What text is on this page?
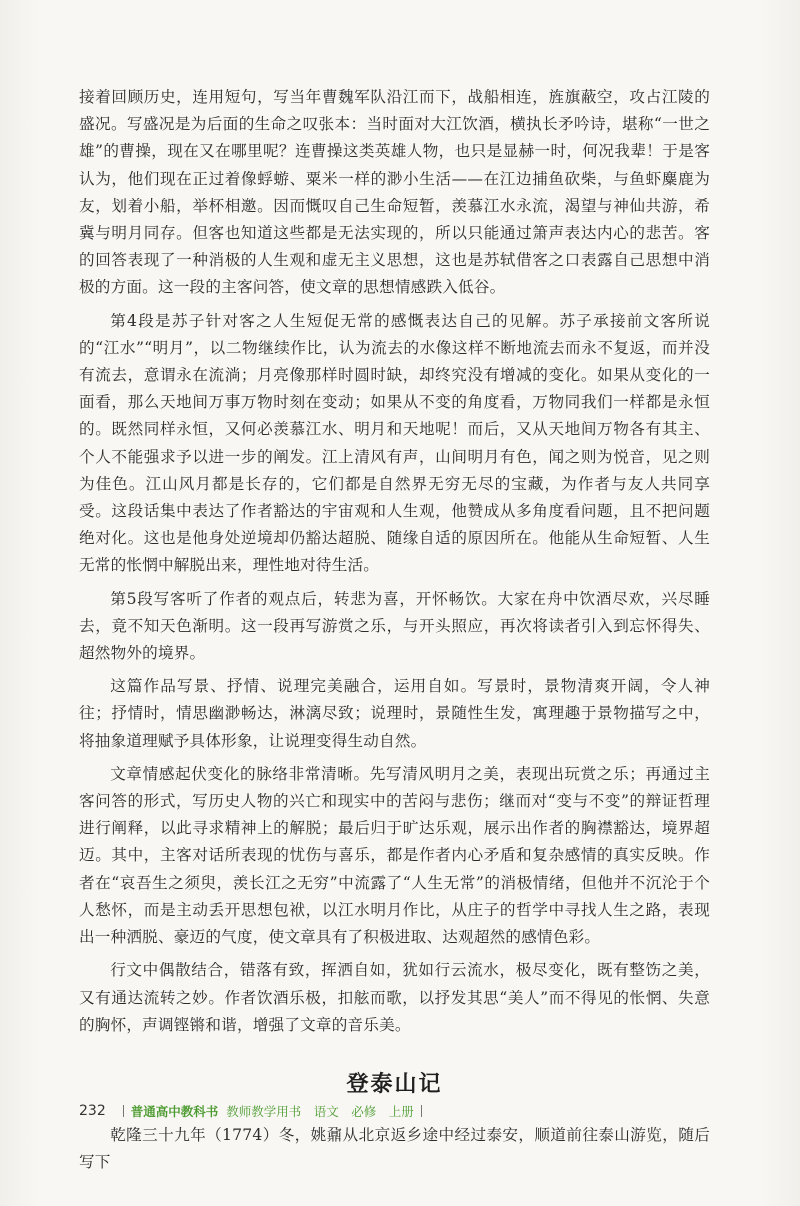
接着回顾历史，连用短句，写当年曹魏军队沿江而下，战船相连，旌旗蔽空，攻占江陵的盛况。写盛况是为后面的生命之叹张本：当时面对大江饮酒，横执长矛吟诗，堪称“一世之雄”的曹操，现在又在哪里呢？连曹操这类英雄人物，也只是显赫一时，何况我辈！于是客认为，他们现在正过着像蜉蝣、粟米一样的渺小生活——在江边捕鱼砍柴，与鱼虾麋鹿为友，划着小船，举杯相邀。因而慨叹自己生命短暂，羡慕江水永流，渴望与神仙共游，希冀与明月同存。但客也知道这些都是无法实现的，所以只能通过箫声表达内心的悲苦。客的回答表现了一种消极的人生观和虚无主义思想，这也是苏轼借客之口表露自己思想中消极的方面。这一段的主客问答，使文章的思想情感跌入低谷。

第4段是苏子针对客之人生短促无常的感慨表达自己的见解。苏子承接前文客所说的“江水”“明月”，以二物继续作比，认为流去的水像这样不断地流去而永不复返，而并没有流去，意谓永在流淌；月亮像那样时圆时缺，却终究没有增减的变化。如果从变化的一面看，那么天地间万事万物时刻在变动；如果从不变的角度看，万物同我们一样都是永恒的。既然同样永恒，又何必羡慕江水、明月和天地呢！而后，又从天地间万物各有其主、个人不能强求予以进一步的阐发。江上清风有声，山间明月有色，闻之则为悦音，见之则为佳色。江山风月都是长存的，它们都是自然界无穷无尽的宝藏，为作者与友人共同享受。这段话集中表达了作者豁达的宇宙观和人生观，他赞成从多角度看问题，且不把问题绝对化。这也是他身处逆境却仍豁达超脱、随缘自适的原因所在。他能从生命短暂、人生无常的怅惘中解脱出来，理性地对待生活。

第5段写客听了作者的观点后，转悲为喜，开怀畅饮。大家在舟中饮酒尽欢，兴尽睡去，竟不知天色渐明。这一段再写游赏之乐，与开头照应，再次将读者引入到忘怀得失、超然物外的境界。

这篇作品写景、抒情、说理完美融合，运用自如。写景时，景物清爽开阔，令人神往；抒情时，情思幽渺畅达，淋漓尽致；说理时，景随性生发，寓理趣于景物描写之中，将抽象道理赋予具体形象，让说理变得生动自然。

文章情感起伏变化的脉络非常清晰。先写清风明月之美，表现出玩赏之乐；再通过主客问答的形式，写历史人物的兴亡和现实中的苦闷与悲伤；继而对“变与不变”的辩证哲理进行阐释，以此寻求精神上的解脱；最后归于旷达乐观，展示出作者的胸襟豁达，境界超迈。其中，主客对话所表现的忧伤与喜乐，都是作者内心矛盾和复杂感情的真实反映。作者在“哀吾生之须臾，羡长江之无穷”中流露了“人生无常”的消极情绪，但他并不沉沦于个人愁怀，而是主动丢开思想包袱，以江水明月作比，从庄子的哲学中寻找人生之路，表现出一种洒脱、豪迈的气度，使文章具有了积极进取、达观超然的感情色彩。

行文中偶散结合，错落有致，挥洒自如，犹如行云流水，极尽变化，既有整饬之美，又有通达流转之妙。作者饮酒乐极，扣舷而歌，以抒发其思“美人”而不得见的怅惘、失意的胸怀，声调铿锵和谐，增强了文章的音乐美。

登泰山记

乾隆三十九年（1774）冬，姚鼐从北京返乡途中经过泰安，顺道前往泰山游览，随后写下

232 普通高中教科书 教师教学用书　语文　必修　上册
